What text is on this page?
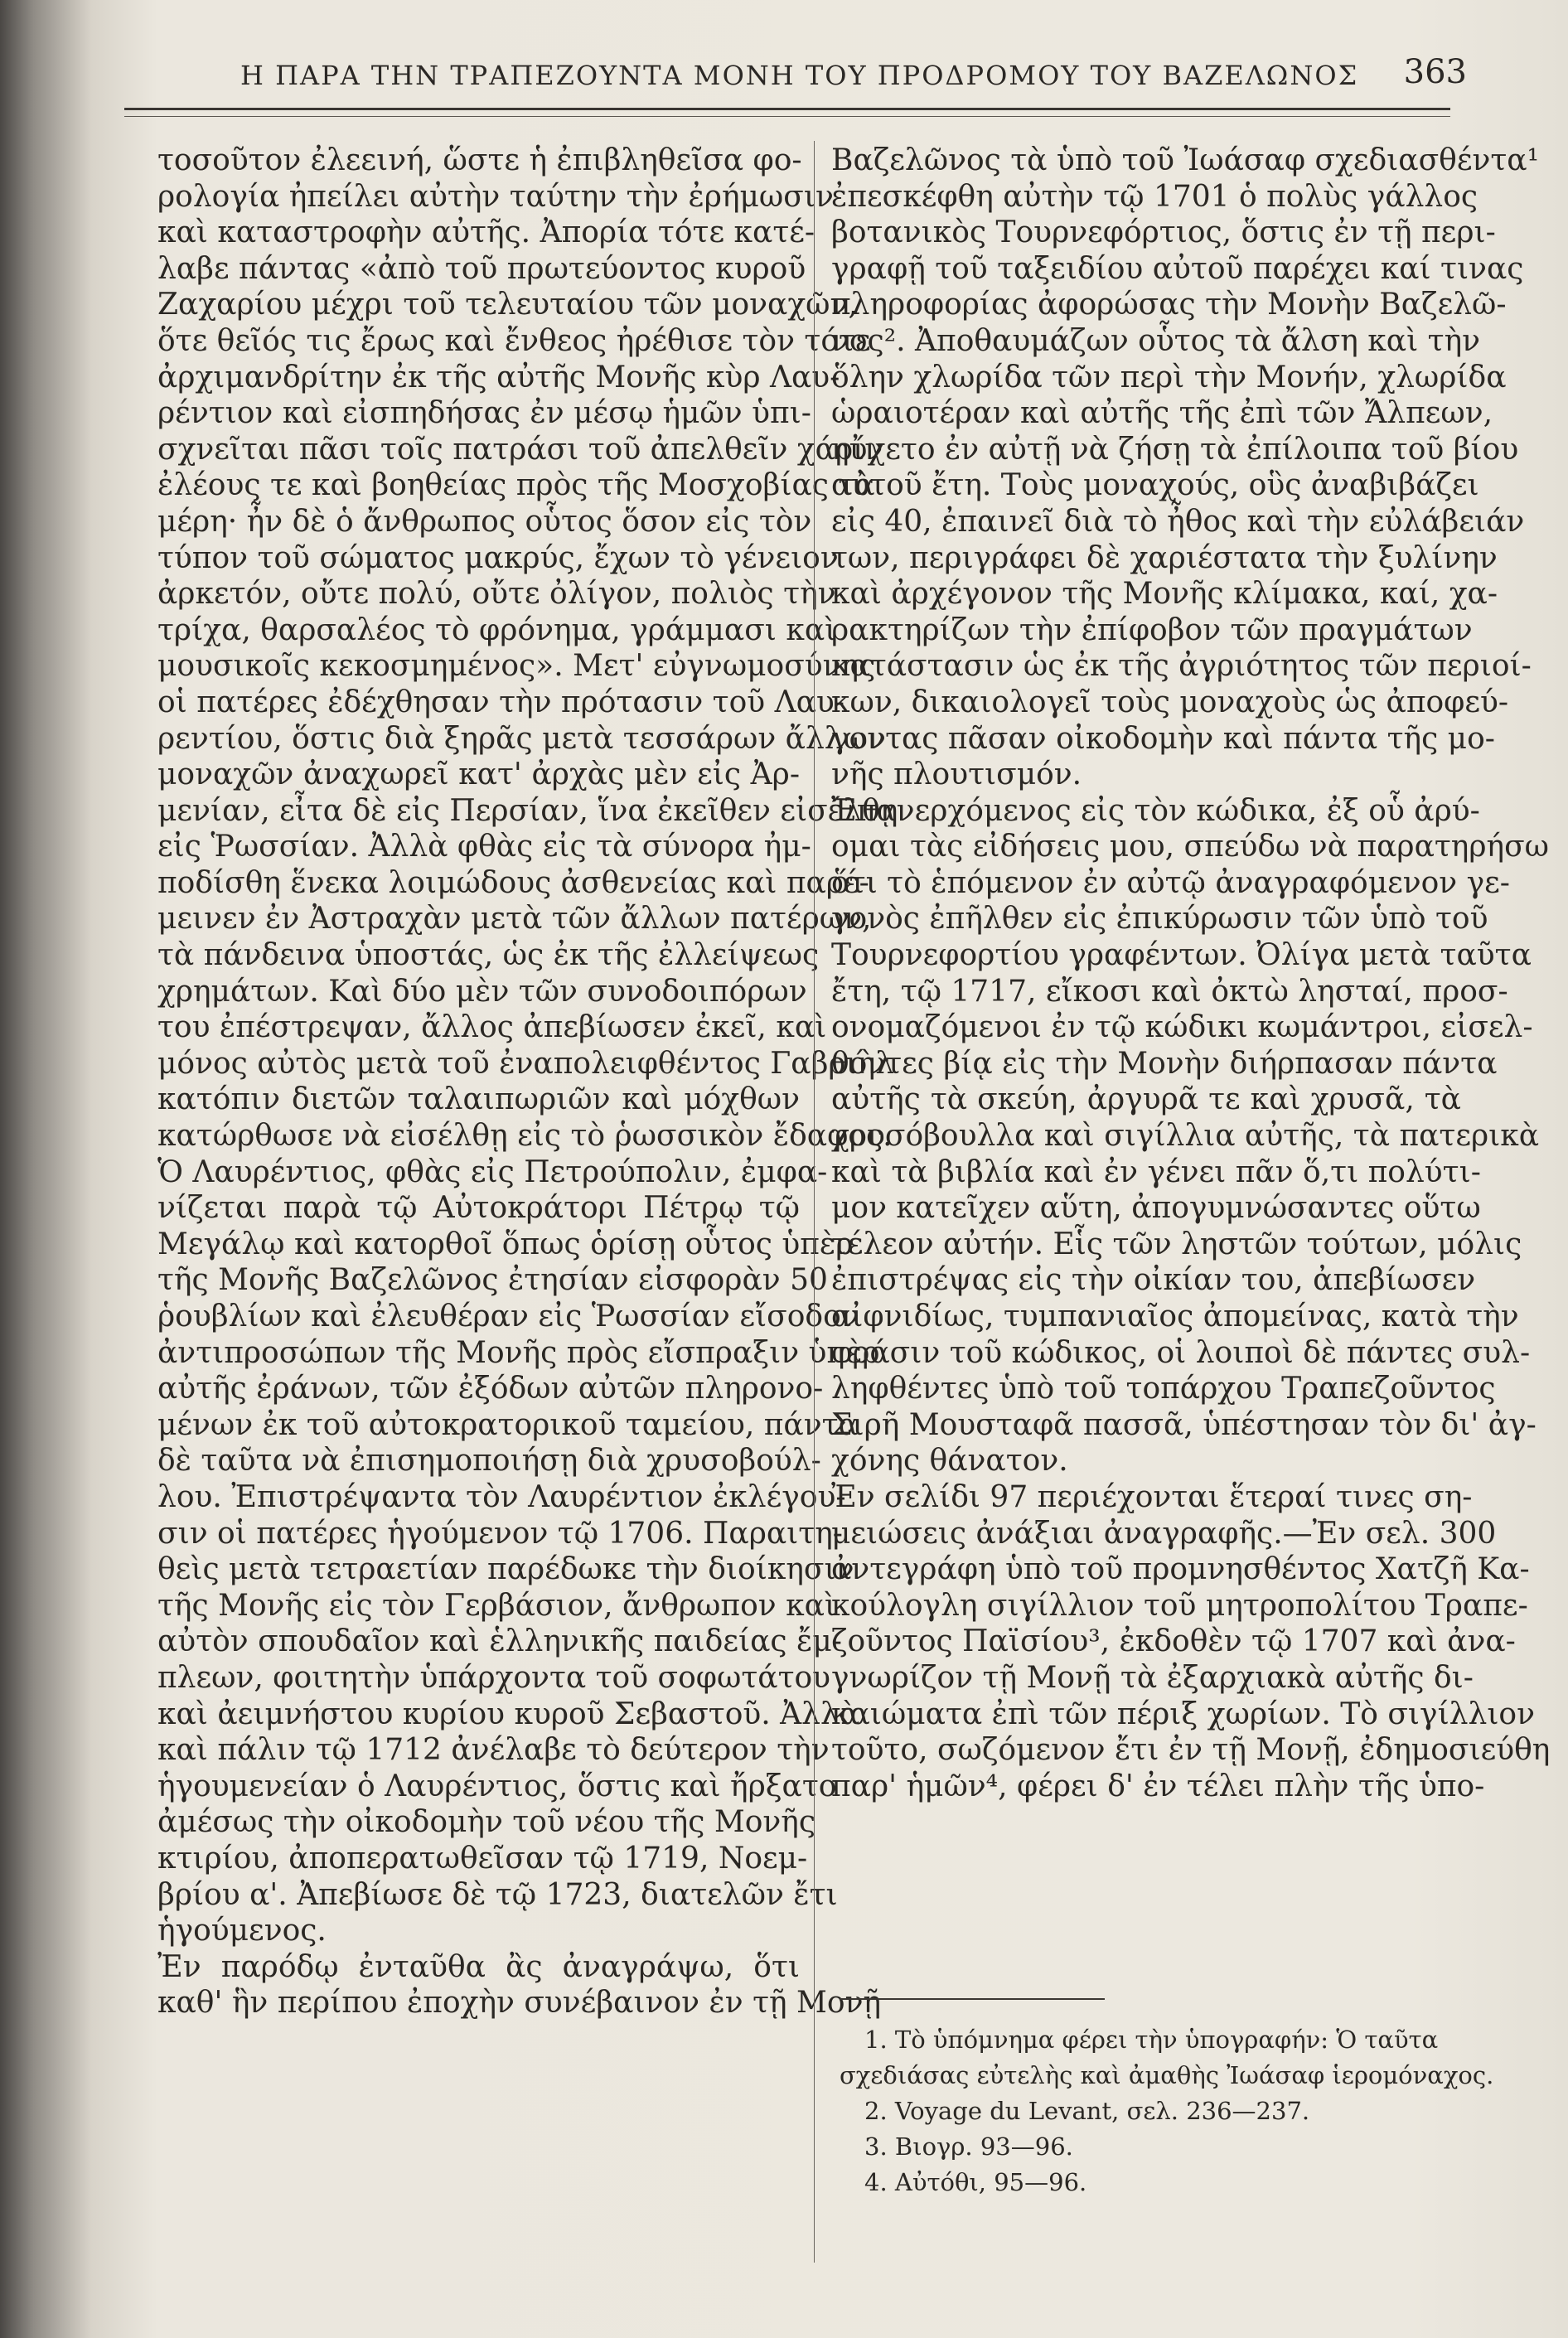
Η ΠΑΡΑ ΤΗΝ ΤΡΑΠΕΖΟΥΝΤΑ ΜΟΝΗ ΤΟΥ ΠΡΟΔΡΟΜΟΥ ΤΟΥ ΒΑΖΕΛΩΝΟΣ 363
τοσοῦτον ἐλεεινή, ὥστε ἡ ἐπιβληθεῖσα φο-
ρολογία ἠπείλει αὐτὴν ταύτην τὴν ἐρήμωσιν
καὶ καταστροφὴν αὐτῆς. Ἀπορία τότε κατέ-
λαβε πάντας «ἀπὸ τοῦ πρωτεύοντος κυροῦ
Ζαχαρίου μέχρι τοῦ τελευταίου τῶν μοναχῶν,
ὅτε θεῖός τις ἔρως καὶ ἔνθεος ἠρέθισε τὸν τότε
ἀρχιμανδρίτην ἐκ τῆς αὐτῆς Μονῆς κὺρ Λαυ-
ρέντιον καὶ εἰσπηδήσας ἐν μέσῳ ἡμῶν ὑπι-
σχνεῖται πᾶσι τοῖς πατράσι τοῦ ἀπελθεῖν χάριν
ἐλέους τε καὶ βοηθείας πρὸς τῆς Μοσχοβίας τὰ
μέρη· ἦν δὲ ὁ ἄνθρωπος οὗτος ὅσον εἰς τὸν
τύπον τοῦ σώματος μακρύς, ἔχων τὸ γένειον
ἀρκετόν, οὔτε πολύ, οὔτε ὀλίγον, πολιὸς τὴν
τρίχα, θαρσαλέος τὸ φρόνημα, γράμμασι καὶ
μουσικοῖς κεκοσμημένος». Μετ' εὐγνωμοσύνης
οἱ πατέρες ἐδέχθησαν τὴν πρότασιν τοῦ Λαυ-
ρεντίου, ὅστις διὰ ξηρᾶς μετὰ τεσσάρων ἄλλων
μοναχῶν ἀναχωρεῖ κατ' ἀρχὰς μὲν εἰς Ἀρ-
μενίαν, εἶτα δὲ εἰς Περσίαν, ἵνα ἐκεῖθεν εἰσέλθῃ
εἰς Ῥωσσίαν. Ἀλλὰ φθὰς εἰς τὰ σύνορα ἠμ-
ποδίσθη ἕνεκα λοιμώδους ἀσθενείας καὶ παρέ-
μεινεν ἐν Ἀστραχὰν μετὰ τῶν ἄλλων πατέρων,
τὰ πάνδεινα ὑποστάς, ὡς ἐκ τῆς ἐλλείψεως
χρημάτων. Καὶ δύο μὲν τῶν συνοδοιπόρων
του ἐπέστρεψαν, ἄλλος ἀπεβίωσεν ἐκεῖ, καὶ
μόνος αὐτὸς μετὰ τοῦ ἐναπολειφθέντος Γαβριὴλ
κατόπιν διετῶν ταλαιπωριῶν καὶ μόχθων
κατώρθωσε νὰ εἰσέλθῃ εἰς τὸ ῥωσσικὸν ἔδαφος.
Ὁ Λαυρέντιος, φθὰς εἰς Πετρούπολιν, ἐμφα-
νίζεται παρὰ τῷ Αὐτοκράτορι Πέτρῳ τῷ
Μεγάλῳ καὶ κατορθοῖ ὅπως ὁρίσῃ οὗτος ὑπὲρ
τῆς Μονῆς Βαζελῶνος ἐτησίαν εἰσφορὰν 50
ῥουβλίων καὶ ἐλευθέραν εἰς Ῥωσσίαν εἴσοδον
ἀντιπροσώπων τῆς Μονῆς πρὸς εἴσπραξιν ὑπὲρ
αὐτῆς ἐράνων, τῶν ἐξόδων αὐτῶν πληρονο-
μένων ἐκ τοῦ αὐτοκρατορικοῦ ταμείου, πάντα
δὲ ταῦτα νὰ ἐπισημοποιήσῃ διὰ χρυσοβούλ-
λου. Ἐπιστρέψαντα τὸν Λαυρέντιον ἐκλέγου-
σιν οἱ πατέρες ἡγούμενον τῷ 1706. Παραιτη-
θεὶς μετὰ τετραετίαν παρέδωκε τὴν διοίκησιν
τῆς Μονῆς εἰς τὸν Γερβάσιον, ἄνθρωπον καὶ
αὐτὸν σπουδαῖον καὶ ἑλληνικῆς παιδείας ἔμ-
πλεων, φοιτητὴν ὑπάρχοντα τοῦ σοφωτάτου
καὶ ἀειμνήστου κυρίου κυροῦ Σεβαστοῦ. Ἀλλὰ
καὶ πάλιν τῷ 1712 ἀνέλαβε τὸ δεύτερον τὴν
ἡγουμενείαν ὁ Λαυρέντιος, ὅστις καὶ ἤρξατο
ἀμέσως τὴν οἰκοδομὴν τοῦ νέου τῆς Μονῆς
κτιρίου, ἀποπερατωθεῖσαν τῷ 1719, Νοεμ-
βρίου α'. Ἀπεβίωσε δὲ τῷ 1723, διατελῶν ἔτι
ἡγούμενος.
Ἐν παρόδῳ ἐνταῦθα ἂς ἀναγράψω, ὅτι
καθ' ἣν περίπου ἐποχὴν συνέβαινον ἐν τῇ Μονῇ
Βαζελῶνος τὰ ὑπὸ τοῦ Ἰωάσαφ σχεδιασθέντα¹
ἐπεσκέφθη αὐτὴν τῷ 1701 ὁ πολὺς γάλλος
βοτανικὸς Τουρνεφόρτιος, ὅστις ἐν τῇ περι-
γραφῇ τοῦ ταξειδίου αὐτοῦ παρέχει καί τινας
πληροφορίας ἀφορώσας τὴν Μονὴν Βαζελῶ-
νος². Ἀποθαυμάζων οὗτος τὰ ἄλση καὶ τὴν
ὅλην χλωρίδα τῶν περὶ τὴν Μονήν, χλωρίδα
ὡραιοτέραν καὶ αὐτῆς τῆς ἐπὶ τῶν Ἄλπεων,
ηὔχετο ἐν αὐτῇ νὰ ζήσῃ τὰ ἐπίλοιπα τοῦ βίου
αὐτοῦ ἔτη. Τοὺς μοναχούς, οὓς ἀναβιβάζει
εἰς 40, ἐπαινεῖ διὰ τὸ ἦθος καὶ τὴν εὐλάβειάν
των, περιγράφει δὲ χαριέστατα τὴν ξυλίνην
καὶ ἀρχέγονον τῆς Μονῆς κλίμακα, καί, χα-
ρακτηρίζων τὴν ἐπίφοβον τῶν πραγμάτων
κατάστασιν ὡς ἐκ τῆς ἀγριότητος τῶν περιοί-
κων, δικαιολογεῖ τοὺς μοναχοὺς ὡς ἀποφεύ-
γοντας πᾶσαν οἰκοδομὴν καὶ πάντα τῆς μο-
νῆς πλουτισμόν.
Ἐπανερχόμενος εἰς τὸν κώδικα, ἐξ οὗ ἀρύ-
ομαι τὰς εἰδήσεις μου, σπεύδω νὰ παρατηρήσω
ὅτι τὸ ἑπόμενον ἐν αὐτῷ ἀναγραφόμενον γε-
γονὸς ἐπῆλθεν εἰς ἐπικύρωσιν τῶν ὑπὸ τοῦ
Τουρνεφορτίου γραφέντων. Ὀλίγα μετὰ ταῦτα
ἔτη, τῷ 1717, εἴκοσι καὶ ὀκτὼ λησταί, προσ-
ονομαζόμενοι ἐν τῷ κώδικι κωμάντροι, εἰσελ-
θόντες βίᾳ εἰς τὴν Μονὴν διήρπασαν πάντα
αὐτῆς τὰ σκεύη, ἀργυρᾶ τε καὶ χρυσᾶ, τὰ
χρυσόβουλλα καὶ σιγίλλια αὐτῆς, τὰ πατερικὰ
καὶ τὰ βιβλία καὶ ἐν γένει πᾶν ὅ,τι πολύτι-
μον κατεῖχεν αὕτη, ἀπογυμνώσαντες οὕτω
τέλεον αὐτήν. Εἷς τῶν ληστῶν τούτων, μόλις
ἐπιστρέψας εἰς τὴν οἰκίαν του, ἀπεβίωσεν
αἰφνιδίως, τυμπανιαῖος ἀπομείνας, κατὰ τὴν
φράσιν τοῦ κώδικος, οἱ λοιποὶ δὲ πάντες συλ-
ληφθέντες ὑπὸ τοῦ τοπάρχου Τραπεζοῦντος
Σιρῆ Μουσταφᾶ πασσᾶ, ὑπέστησαν τὸν δι' ἀγ-
χόνης θάνατον.
Ἐν σελίδι 97 περιέχονται ἕτεραί τινες ση-
μειώσεις ἀνάξιαι ἀναγραφῆς.—Ἐν σελ. 300
ἀντεγράφη ὑπὸ τοῦ προμνησθέντος Χατζῆ Κα-
κούλογλη σιγίλλιον τοῦ μητροπολίτου Τραπε-
ζοῦντος Παϊσίου³, ἐκδοθὲν τῷ 1707 καὶ ἀνα-
γνωρίζον τῇ Μονῇ τὰ ἐξαρχιακὰ αὐτῆς δι-
καιώματα ἐπὶ τῶν πέριξ χωρίων. Τὸ σιγίλλιον
τοῦτο, σωζόμενον ἔτι ἐν τῇ Μονῇ, ἐδημοσιεύθη
παρ' ἡμῶν⁴, φέρει δ' ἐν τέλει πλὴν τῆς ὑπο-
1. Τὸ ὑπόμνημα φέρει τὴν ὑπογραφήν: Ὁ ταῦτα
σχεδιάσας εὐτελὴς καὶ ἀμαθὴς Ἰωάσαφ ἱερομόναχος.
2. Voyage du Levant, σελ. 236—237.
3. Βιογρ. 93—96.
4. Αὐτόθι, 95—96.
